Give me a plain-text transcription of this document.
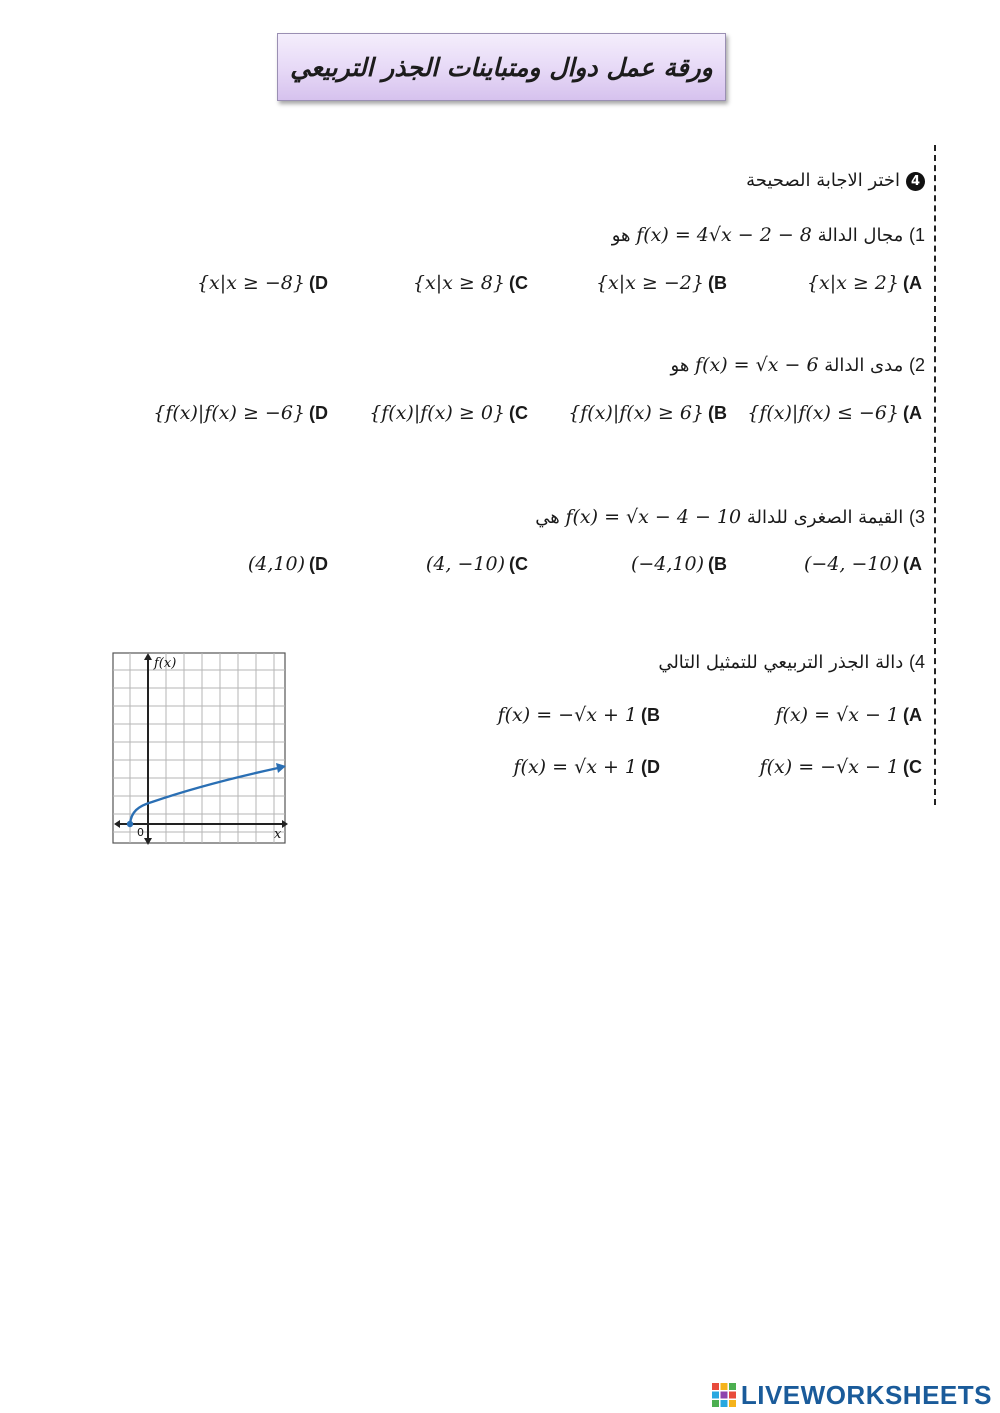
ورقة عمل دوال ومتباينات الجذر التربيعي
4اختر الاجابة الصحيحة
1) مجال الدالة f(x) = 4√x − 2 − 8 هو
{x|x ≥ 2} (A
{x|x ≥ −2} (B
{x|x ≥ 8} (C
{x|x ≥ −8} (D
2) مدى الدالة f(x) = √x − 6 هو
{f(x)|f(x) ≤ −6} (A
{f(x)|f(x) ≥ 6} (B
{f(x)|f(x) ≥ 0} (C
{f(x)|f(x) ≥ −6} (D
3) القيمة الصغرى للدالة f(x) = √x − 4 − 10 هي
(−4, −10) (A
(−4,10) (B
(4, −10) (C
(4,10) (D
4) دالة الجذر التربيعي للتمثيل التالي
f(x) = √x − 1 (A
f(x) = −√x + 1 (B
f(x) = −√x − 1 (C
f(x) = √x + 1 (D
f(x)
x
0
LIVEWORKSHEETS
